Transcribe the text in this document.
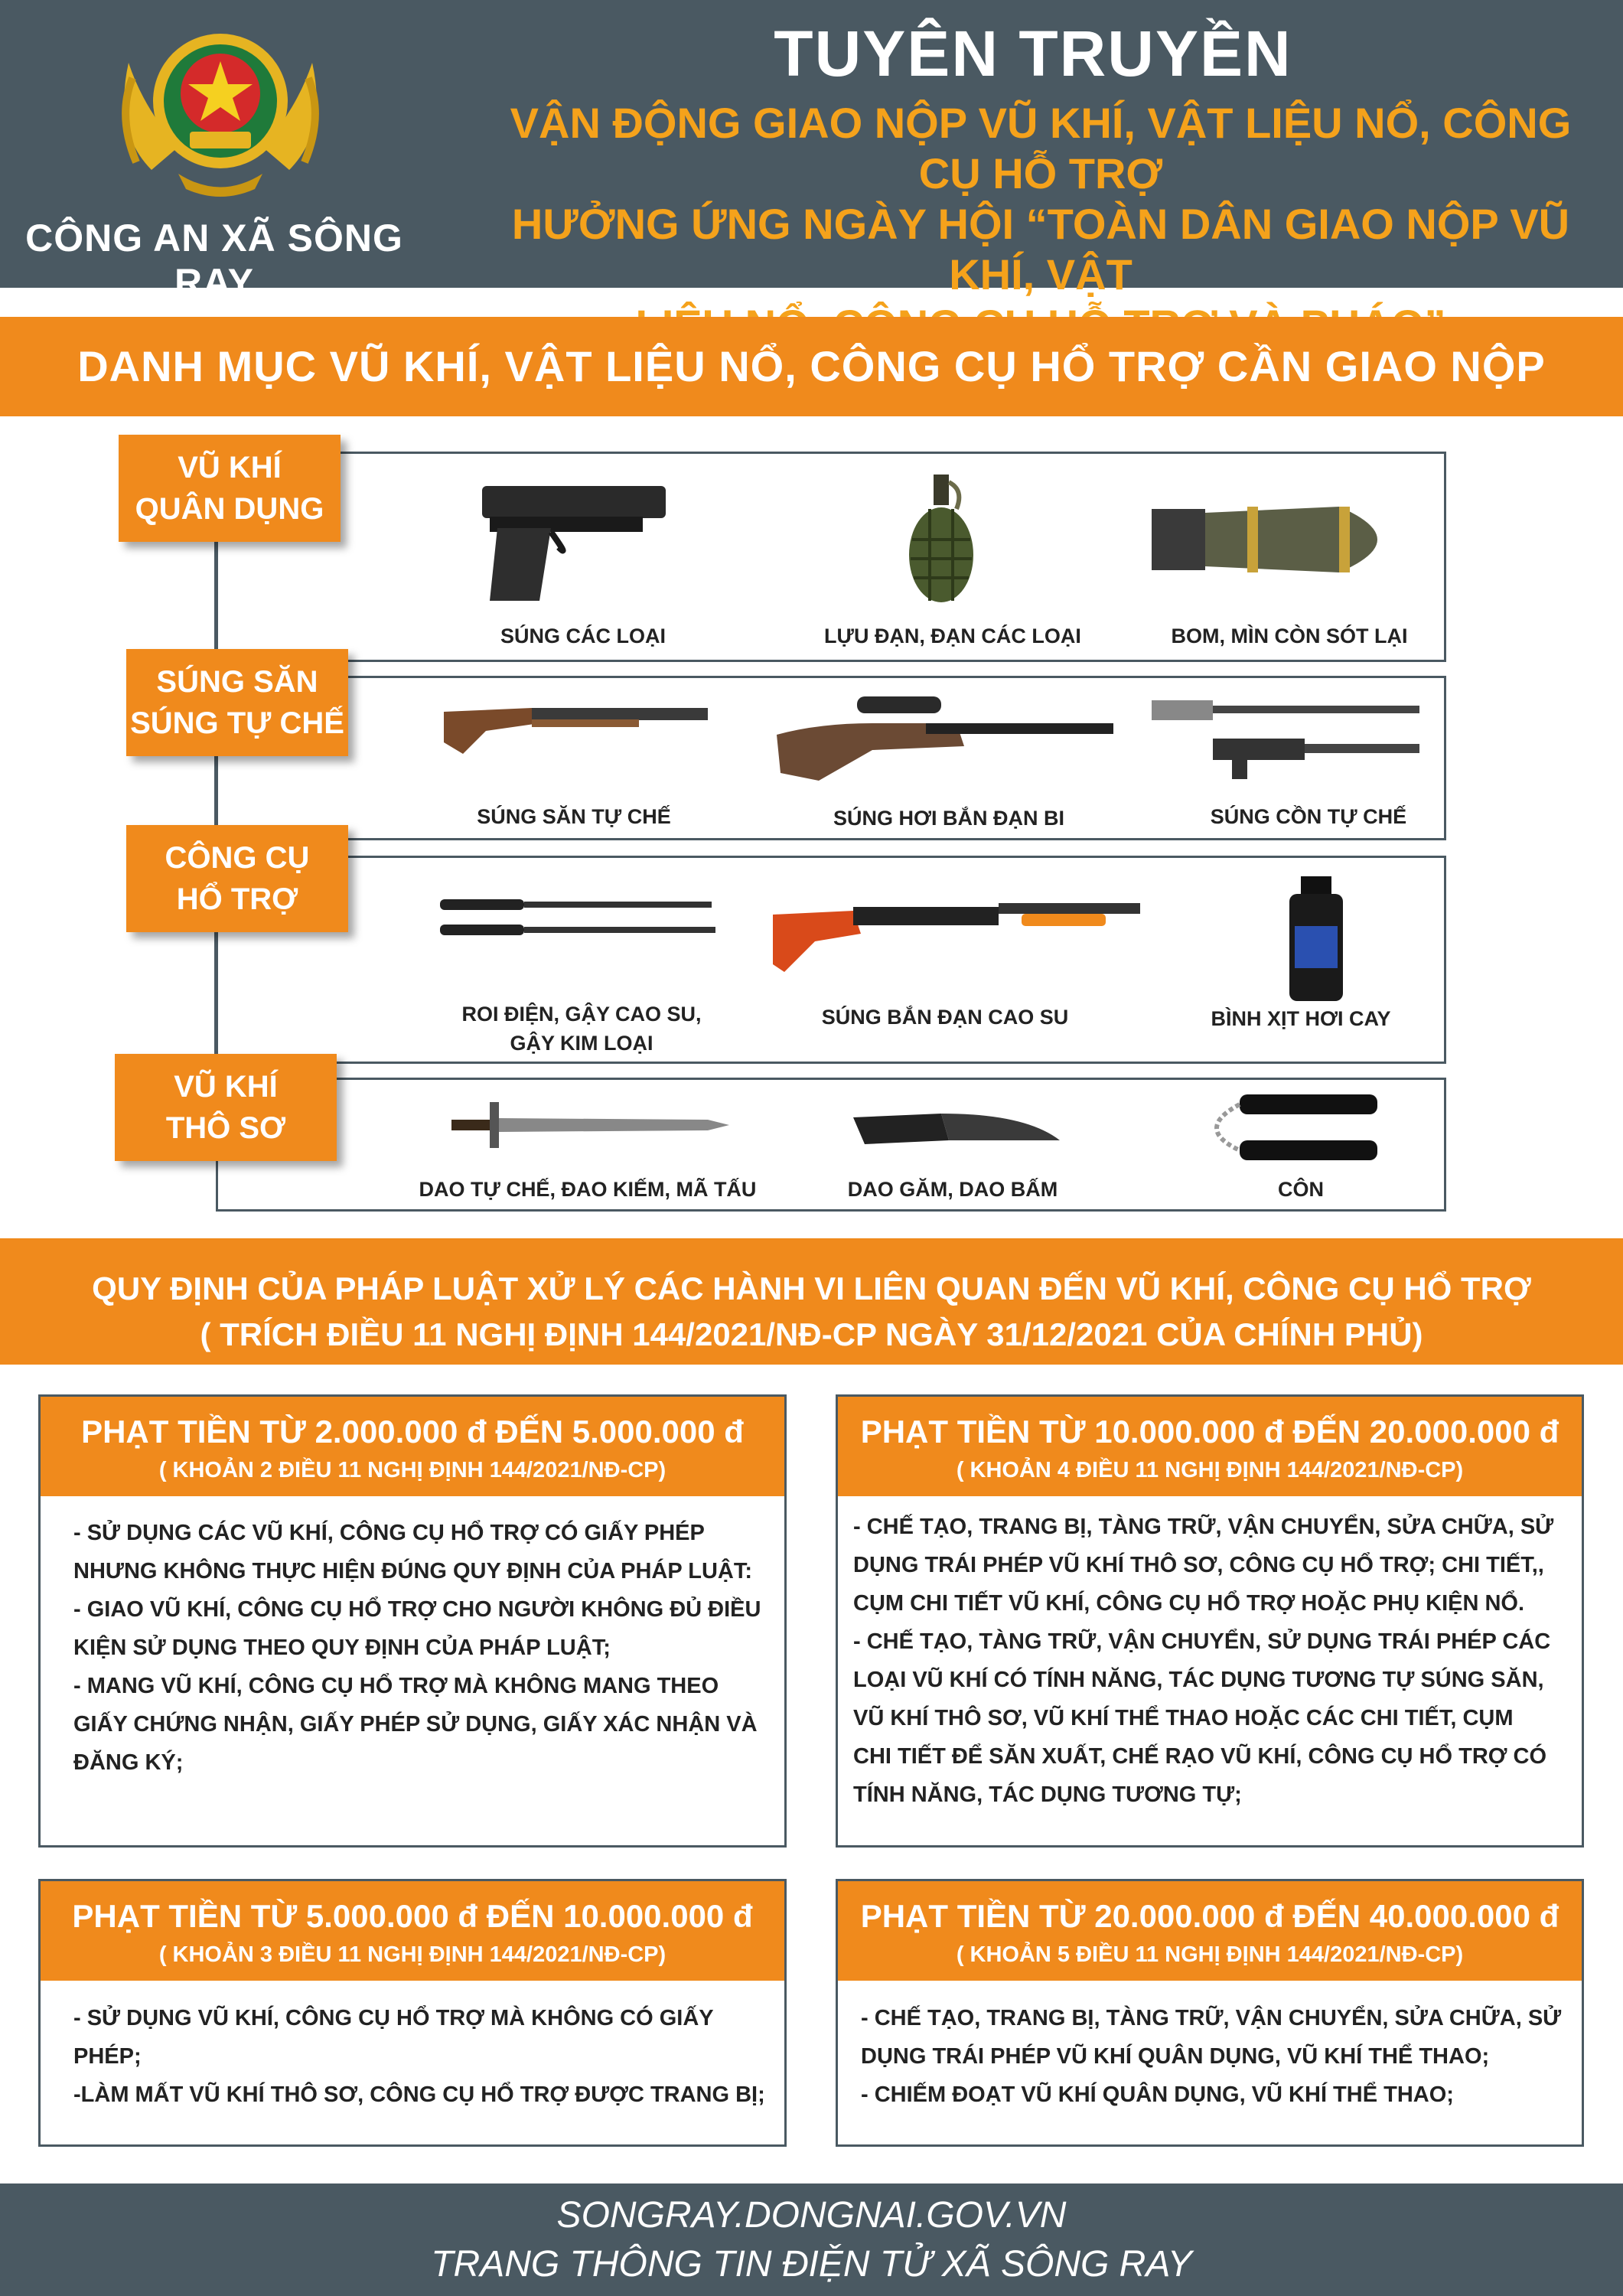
CÔNG AN XÃ SÔNG RAY
TUYÊN TRUYỀN
VẬN ĐỘNG GIAO NỘP VŨ KHÍ, VẬT LIỆU NỔ, CÔNG CỤ HỖ TRỢ
HƯỞNG ỨNG NGÀY HỘI “TOÀN DÂN GIAO NỘP VŨ KHÍ, VẬT
DANH MỤC VŨ KHÍ, VẬT LIỆU NỔ, CÔNG CỤ HỔ TRỢ CẦN GIAO NỘP
VŨ KHÍ
QUÂN DỤNG
SÚNG CÁC LOẠI	LỰU ĐẠN, ĐẠN CÁC LOẠI	BOM, MÌN CÒN SÓT LẠI
SÚNG SĂN
SÚNG TỰ CHẾ
SÚNG SĂN TỰ CHẾ	SÚNG HƠI BẮN ĐẠN BI	SÚNG CỒN TỰ CHẾ
CÔNG CỤ
HỔ TRỢ
ROI ĐIỆN, GẬY CAO SU,
GẬY KIM LOẠI
SÚNG BẮN ĐẠN CAO SU	BÌNH XỊT HƠI CAY
VŨ KHÍ
THÔ SƠ
DAO TỰ CHẾ, ĐAO KIẾM, MÃ TẤU	DAO GĂM, DAO BẤM	CÔN
QUY ĐỊNH CỦA PHÁP LUẬT XỬ LÝ CÁC HÀNH VI LIÊN QUAN ĐẾN VŨ KHÍ, CÔNG CỤ HỔ TRỢ
( TRÍCH ĐIỀU 11 NGHỊ ĐỊNH 144/2021/NĐ-CP NGÀY 31/12/2021 CỦA CHÍNH PHỦ)
PHẠT TIỀN TỪ 2.000.000 đ ĐẾN 5.000.000 đ
( KHOẢN 2 ĐIỀU 11 NGHỊ ĐỊNH 144/2021/NĐ-CP)
- SỬ DỤNG CÁC VŨ KHÍ, CÔNG CỤ HỔ TRỢ CÓ GIẤY PHÉP
NHƯNG KHÔNG THỰC HIỆN ĐÚNG QUY ĐỊNH CỦA PHÁP LUẬT:
- GIAO VŨ KHÍ, CÔNG CỤ HỔ TRỢ CHO NGƯỜI KHÔNG ĐỦ ĐIỀU
KIỆN SỬ DỤNG THEO QUY ĐỊNH CỦA PHÁP LUẬT;
- MANG VŨ KHÍ, CÔNG CỤ HỔ TRỢ MÀ KHÔNG MANG THEO
GIẤY CHỨNG NHẬN, GIẤY PHÉP SỬ DỤNG, GIẤY XÁC NHẬN VÀ
ĐĂNG KÝ;
PHẠT TIỀN TỪ 10.000.000 đ ĐẾN 20.000.000 đ
( KHOẢN 4 ĐIỀU 11 NGHỊ ĐỊNH 144/2021/NĐ-CP)
- CHẾ TẠO, TRANG BỊ, TÀNG TRỮ, VẬN CHUYỂN, SỬA CHỮA, SỬ
DỤNG TRÁI PHÉP VŨ KHÍ THÔ SƠ, CÔNG CỤ HỔ TRỢ; CHI TIẾT,,
CỤM CHI TIẾT VŨ KHÍ, CÔNG CỤ HỔ TRỢ HOẶC PHỤ KIỆN NỔ.
- CHẾ TẠO, TÀNG TRỮ, VẬN CHUYỂN, SỬ DỤNG TRÁI PHÉP CÁC
LOẠI VŨ KHÍ CÓ TÍNH NĂNG, TÁC DỤNG TƯƠNG TỰ SÚNG SĂN,
VŨ KHÍ THÔ SƠ, VŨ KHÍ THỂ THAO HOẶC CÁC CHI TIẾT, CỤM
CHI TIẾT ĐỂ SĂN XUẤT, CHẾ RẠO VŨ KHÍ, CÔNG CỤ HỔ TRỢ CÓ
TÍNH NĂNG, TÁC DỤNG TƯƠNG TỰ;
PHẠT TIỀN TỪ 5.000.000 đ ĐẾN 10.000.000 đ
( KHOẢN 3 ĐIỀU 11 NGHỊ ĐỊNH 144/2021/NĐ-CP)
- SỬ DỤNG VŨ KHÍ, CÔNG CỤ HỔ TRỢ MÀ KHÔNG CÓ GIẤY
PHÉP;
-LÀM MẤT VŨ KHÍ THÔ SƠ, CÔNG CỤ HỔ TRỢ ĐƯỢC TRANG BỊ;
PHẠT TIỀN TỪ 20.000.000 đ ĐẾN 40.000.000 đ
( KHOẢN 5 ĐIỀU 11 NGHỊ ĐỊNH 144/2021/NĐ-CP)
- CHẾ TẠO, TRANG BỊ, TÀNG TRỮ, VẬN CHUYỂN, SỬA CHỮA, SỬ
DỤNG TRÁI PHÉP VŨ KHÍ QUÂN DỤNG, VŨ KHÍ THỂ THAO;
- CHIẾM ĐOẠT VŨ KHÍ QUÂN DỤNG, VŨ KHÍ THỂ THAO;
SONGRAY.DONGNAI.GOV.VN
TRANG THÔNG TIN ĐIỆN TỬ XÃ SÔNG RAY
